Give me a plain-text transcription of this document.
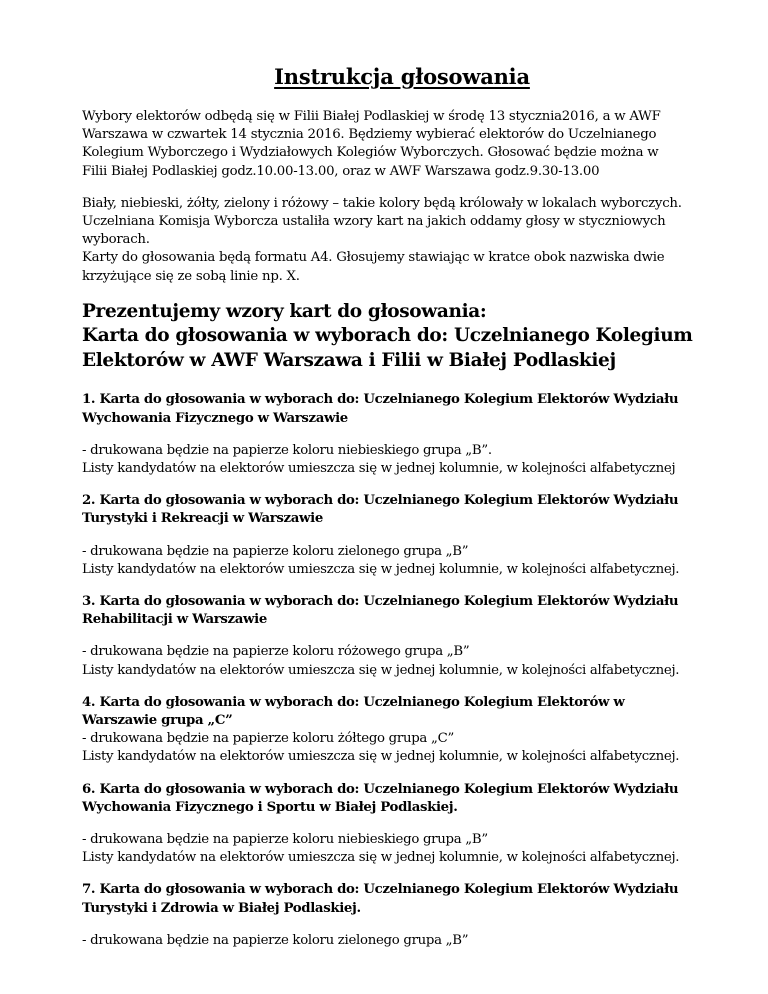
Instrukcja głosowania
Wybory elektorów odbędą się w Filii Białej Podlaskiej w środę 13 stycznia2016, a w AWF
Warszawa w czwartek 14 stycznia 2016. Będziemy wybierać elektorów do Uczelnianego
Kolegium Wyborczego i Wydziałowych Kolegiów Wyborczych. Głosować będzie można w
Filii Białej Podlaskiej godz.10.00-13.00, oraz w AWF Warszawa godz.9.30-13.00
Biały, niebieski, żółty, zielony i różowy – takie kolory będą królowały w lokalach wyborczych.
Uczelniana Komisja Wyborcza ustaliła wzory kart na jakich oddamy głosy w styczniowych
wyborach.
Karty do głosowania będą formatu A4. Głosujemy stawiając w kratce obok nazwiska dwie
krzyżujące się ze sobą linie np. X.
Prezentujemy wzory kart do głosowania:
Karta do głosowania w wyborach do: Uczelnianego Kolegium
Elektorów w AWF Warszawa i Filii w Białej Podlaskiej
1. Karta do głosowania w wyborach do: Uczelnianego Kolegium Elektorów Wydziału
Wychowania Fizycznego w Warszawie
- drukowana będzie na papierze koloru niebieskiego grupa „B”.
Listy kandydatów na elektorów umieszcza się w jednej kolumnie, w kolejności alfabetycznej
2. Karta do głosowania w wyborach do: Uczelnianego Kolegium Elektorów Wydziału
Turystyki i Rekreacji w Warszawie
- drukowana będzie na papierze koloru zielonego grupa „B”
Listy kandydatów na elektorów umieszcza się w jednej kolumnie, w kolejności alfabetycznej.
3. Karta do głosowania w wyborach do: Uczelnianego Kolegium Elektorów Wydziału
Rehabilitacji w Warszawie
- drukowana będzie na papierze koloru różowego grupa „B”
Listy kandydatów na elektorów umieszcza się w jednej kolumnie, w kolejności alfabetycznej.
4. Karta do głosowania w wyborach do: Uczelnianego Kolegium Elektorów w
Warszawie grupa „C”
- drukowana będzie na papierze koloru żółtego grupa „C”
Listy kandydatów na elektorów umieszcza się w jednej kolumnie, w kolejności alfabetycznej.
6. Karta do głosowania w wyborach do: Uczelnianego Kolegium Elektorów Wydziału
Wychowania Fizycznego i Sportu w Białej Podlaskiej.
- drukowana będzie na papierze koloru niebieskiego grupa „B”
Listy kandydatów na elektorów umieszcza się w jednej kolumnie, w kolejności alfabetycznej.
7. Karta do głosowania w wyborach do: Uczelnianego Kolegium Elektorów Wydziału
Turystyki i Zdrowia w Białej Podlaskiej.
- drukowana będzie na papierze koloru zielonego grupa „B”
